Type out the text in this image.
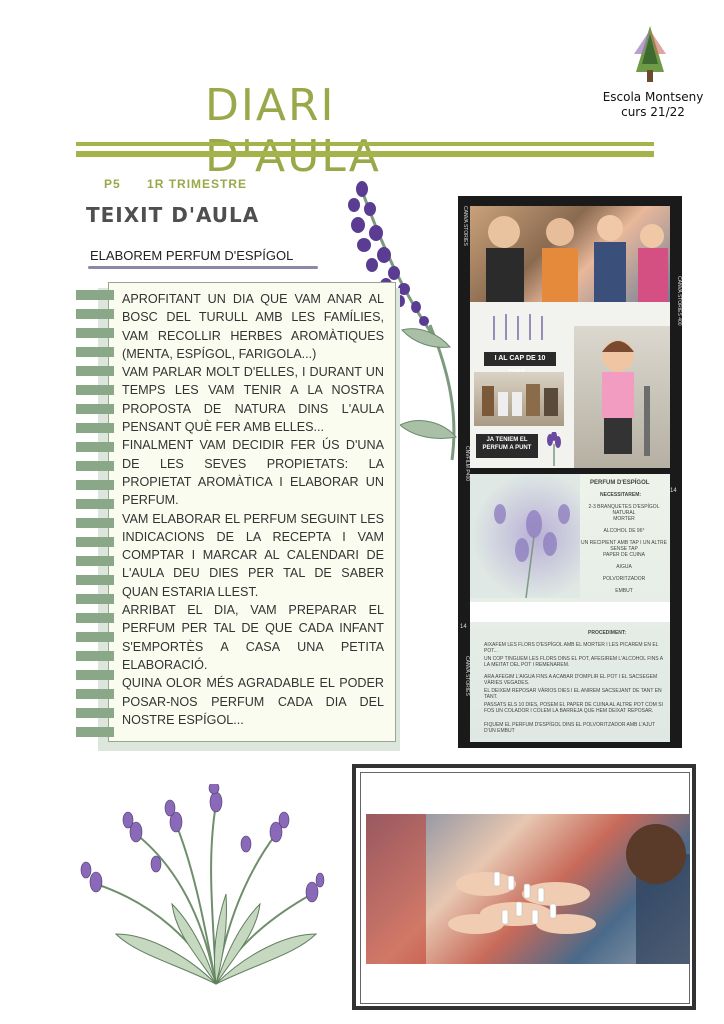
DIARI	Escola Montseny
curs 21/22
P5 1R TRIMESTRE
TEIXIT D'AULA
ELABOREM PERFUM D'ESPÍGOL

APROFITANT UN DIA QUE VAM ANAR AL BOSC DEL TURULL AMB LES FAMÍLIES, VAM RECOLLIR HERBES AROMÀTIQUES (MENTA, ESPÍGOL, FARIGOLA...)

VAM PARLAR MOLT D'ELLES, I DURANT UN TEMPS LES VAM TENIR A LA NOSTRA PROPOSTA DE NATURA DINS L'AULA PENSANT QUÈ FER AMB ELLES...

FINALMENT VAM DECIDIR FER ÚS D'UNA DE LES SEVES PROPIETATS: LA PROPIETAT AROMÀTICA I ELABORAR UN PERFUM.

VAM ELABORAR EL PERFUM SEGUINT LES INDICACIONS DE LA RECEPTA I VAM COMPTAR I MARCAR AL CALENDARI DE L'AULA DEU DIES PER TAL DE SABER QUAN ESTARIA LLEST.

ARRIBAT EL DIA, VAM PREPARAR EL PERFUM PER TAL DE QUE CADA INFANT S'EMPORTÈS A CASA UNA PETITA ELABORACIÓ.

QUINA OLOR MÉS AGRADABLE EL PODER POSAR-NOS PERFUM CADA DIA DEL NOSTRE ESPÍGOL...

CANVA STORIES
CANVA STORIES 400
CNVFILM P400
CANVA STORIES
14
14
I AL CAP DE 10
JA TENIEM EL PERFUM A PUNT
PERFUM D'ESPÍGOL
NECESSITAREM:
2-3 BRANQUETES D'ESPÍGOL NATURAL
MORTER
ALCOHOL DE 96°
UN RECIPIENT AMB TAP I UN ALTRE SENSE TAP
PAPER DE CUINA
AIGUA
POLVORITZADOR
EMBUT
PROCEDIMENT:
AIXAFEM LES FLORS D'ESPÍGOL AMB EL MORTER I LES PICAREM EN EL POT...
UN COP TINGUEM LES FLORS DINS EL POT, AFEGIREM L'ALCOHOL FINS A LA MEITAT DEL POT I REMENAREM.
ARA AFEGIM L'AIGUA FINS A ACABAR D'OMPLIR EL POT I EL SACSEGEM VÀRIES VEGADES.
EL DEIXEM REPOSAR VÀRIOS DIES I EL ANIREM SACSEJANT DE TANT EN TANT.
PASSATS ELS 10 DIES, POSEM EL PAPER DE CUINA AL ALTRE POT COM SI FOS UN COLADOR I COLEM LA BARREJA QUE HEM DEIXAT REPOSAR.
FIQUEM EL PERFUM D'ESPÍGOL DINS EL POLVORITZADOR AMB L'AJUT D'UN EMBUT
